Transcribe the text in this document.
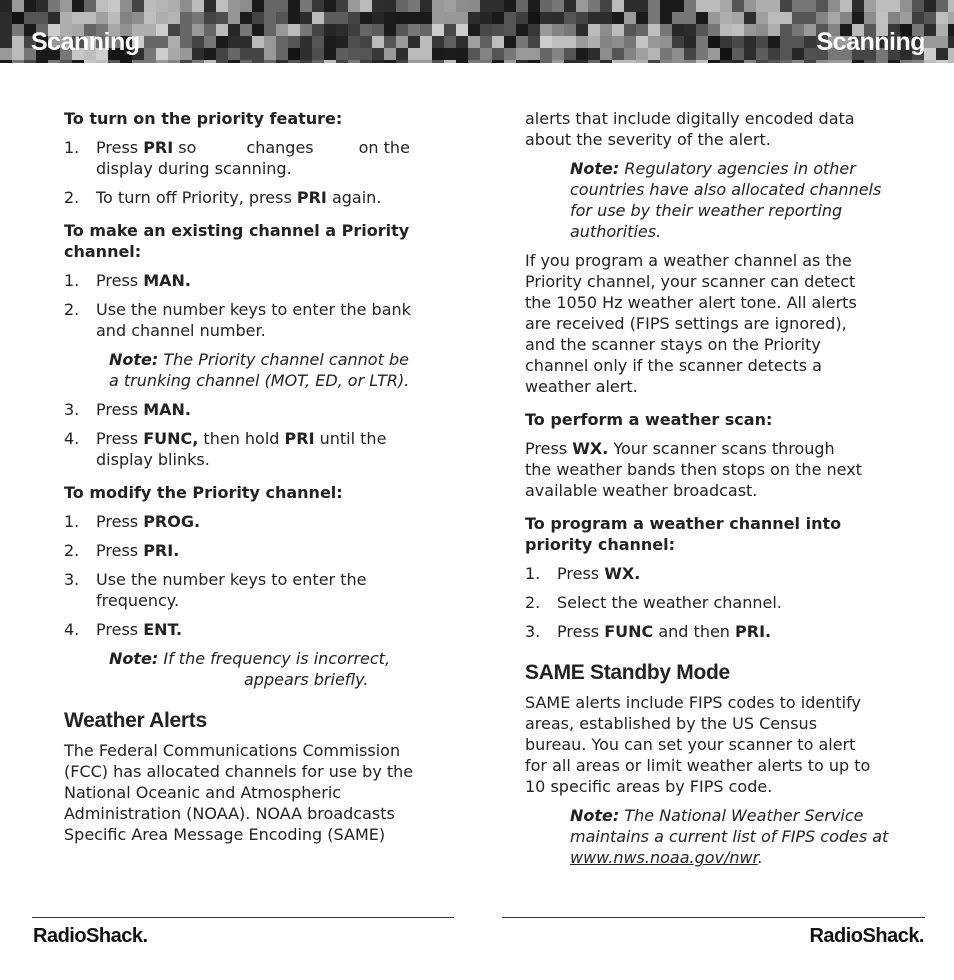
Scanning	Scanning
To turn on the priority feature:
1. Press PRI so	changes	on the display during scanning.
2. To turn off Priority, press PRI again.
To make an existing channel a Priority channel:
1. Press MAN.
2. Use the number keys to enter the bank and channel number.
Note: The Priority channel cannot be a trunking channel (MOT, ED, or LTR).
3. Press MAN.
4. Press FUNC, then hold PRI until the display blinks.
To modify the Priority channel:
1. Press PROG.
2. Press PRI.
3. Use the number keys to enter the frequency.
4. Press ENT.
Note: If the frequency is incorrect,
appears briefly.
Weather Alerts
The Federal Communications Commission (FCC) has allocated channels for use by the National Oceanic and Atmospheric Administration (NOAA). NOAA broadcasts Specific Area Message Encoding (SAME)
alerts that include digitally encoded data about the severity of the alert.
Note: Regulatory agencies in other countries have also allocated channels for use by their weather reporting authorities.
If you program a weather channel as the Priority channel, your scanner can detect the 1050 Hz weather alert tone. All alerts are received (FIPS settings are ignored), and the scanner stays on the Priority channel only if the scanner detects a weather alert.
To perform a weather scan:
Press WX. Your scanner scans through the weather bands then stops on the next available weather broadcast.
To program a weather channel into priority channel:
1. Press WX.
2. Select the weather channel.
3. Press FUNC and then PRI.
SAME Standby Mode
SAME alerts include FIPS codes to identify areas, established by the US Census bureau. You can set your scanner to alert for all areas or limit weather alerts to up to 10 specific areas by FIPS code.
Note: The National Weather Service maintains a current list of FIPS codes at www.nws.noaa.gov/nwr.
RadioShack.	RadioShack.
